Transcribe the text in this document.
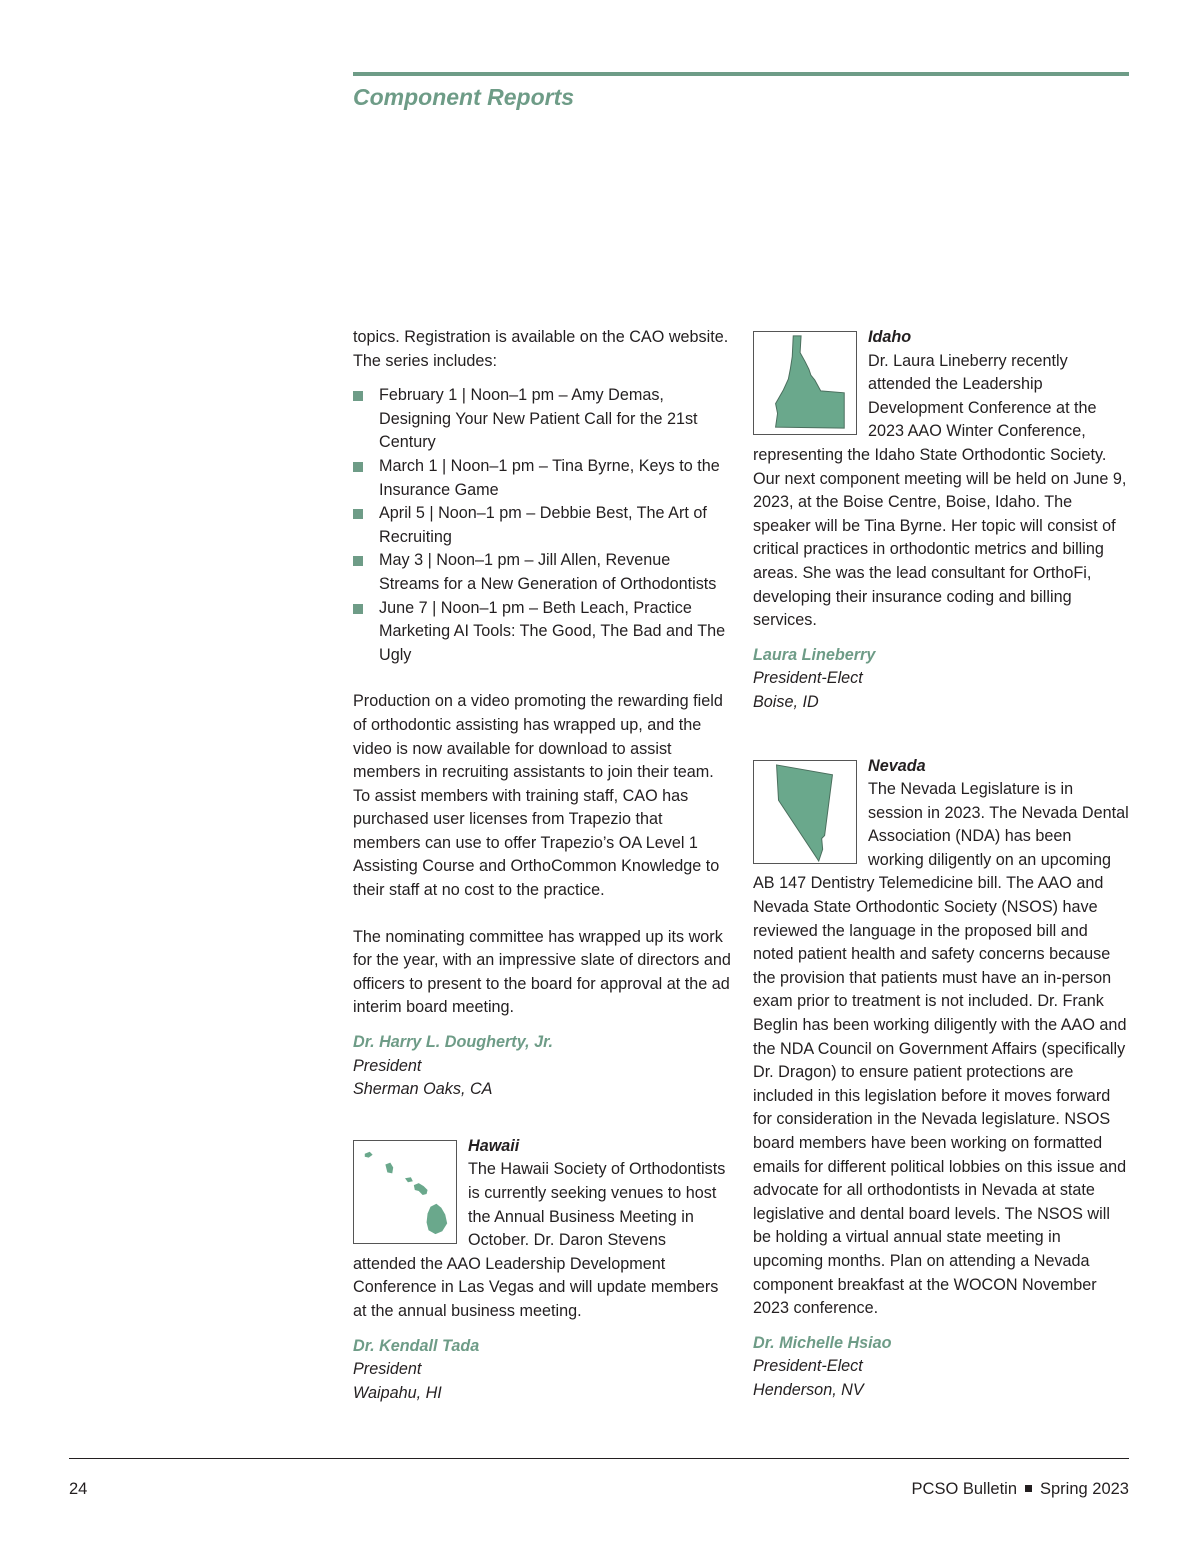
Component Reports

topics. Registration is available on the CAO website. The series includes:

February 1 | Noon–1 pm – Amy Demas, Designing Your New Patient Call for the 21st Century
March 1 | Noon–1 pm – Tina Byrne, Keys to the Insurance Game
April 5 | Noon–1 pm – Debbie Best, The Art of Recruiting
May 3 | Noon–1 pm – Jill Allen, Revenue Streams for a New Generation of Orthodontists
June 7 | Noon–1 pm – Beth Leach, Practice Marketing AI Tools: The Good, The Bad and The Ugly

Production on a video promoting the rewarding field of orthodontic assisting has wrapped up, and the video is now available for download to assist members in recruiting assistants to join their team. To assist members with training staff, CAO has purchased user licenses from Trapezio that members can use to offer Trapezio’s OA Level 1 Assisting Course and OrthoCommon Knowledge to their staff at no cost to the practice.

The nominating committee has wrapped up its work for the year, with an impressive slate of directors and officers to present to the board for approval at the ad interim board meeting.

Dr. Harry L. Dougherty, Jr.
President
Sherman Oaks, CA
Hawaii
The Hawaii Society of Orthodontists is currently seeking venues to host the Annual Business Meeting in October. Dr. Daron Stevens attended the AAO Leadership Development Conference in Las Vegas and will update members at the annual business meeting.
Dr. Kendall Tada
President
Waipahu, HI
Idaho
Dr. Laura Lineberry recently attended the Leadership Development Conference at the 2023 AAO Winter Conference, representing the Idaho State Orthodontic Society. Our next component meeting will be held on June 9, 2023, at the Boise Centre, Boise, Idaho. The speaker will be Tina Byrne. Her topic will consist of critical practices in orthodontic metrics and billing areas. She was the lead consultant for OrthoFi, developing their insurance coding and billing services.
Laura Lineberry
President-Elect
Boise, ID
Nevada
The Nevada Legislature is in session in 2023. The Nevada Dental Association (NDA) has been working diligently on an upcoming AB 147 Dentistry Telemedicine bill. The AAO and Nevada State Orthodontic Society (NSOS) have reviewed the language in the proposed bill and noted patient health and safety concerns because the provision that patients must have an in-person exam prior to treatment is not included. Dr. Frank Beglin has been working diligently with the AAO and the NDA Council on Government Affairs (specifically Dr. Dragon) to ensure patient protections are included in this legislation before it moves forward for consideration in the Nevada legislature. NSOS board members have been working on formatted emails for different political lobbies on this issue and advocate for all orthodontists in Nevada at state legislative and dental board levels. The NSOS will be holding a virtual annual state meeting in upcoming months. Plan on attending a Nevada component breakfast at the WOCON November 2023 conference.
Dr. Michelle Hsiao
President-Elect
Henderson, NV
24	PCSO Bulletin Spring 2023
